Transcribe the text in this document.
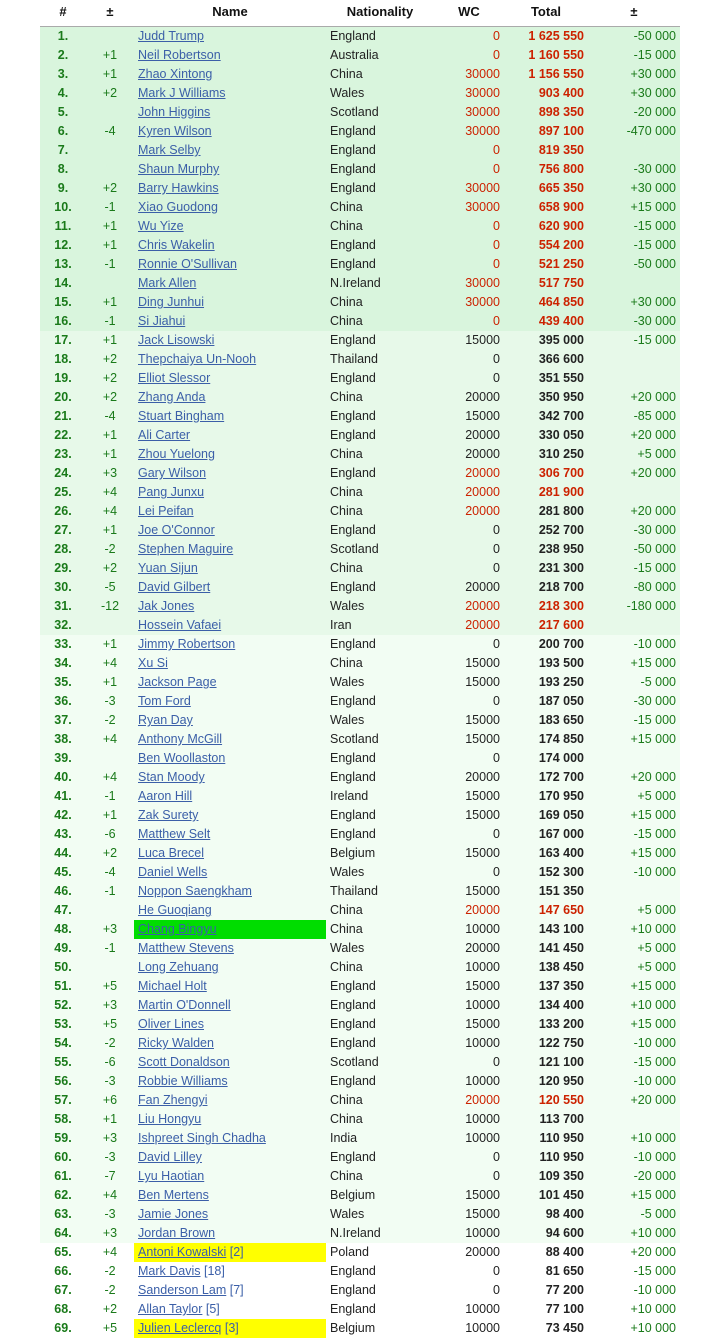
#	±	Name	Nationality	WC	Total	±
1.		Judd Trump	England	0	1 625 550	-50 000
2.	+1	Neil Robertson	Australia	0	1 160 550	-15 000
3.	+1	Zhao Xintong	China	30000	1 156 550	+30 000
4.	+2	Mark J Williams	Wales	30000	903 400	+30 000
5.		John Higgins	Scotland	30000	898 350	-20 000
6.	-4	Kyren Wilson	England	30000	897 100	-470 000
7.		Mark Selby	England	0	819 350	
8.		Shaun Murphy	England	0	756 800	-30 000
9.	+2	Barry Hawkins	England	30000	665 350	+30 000
10.	-1	Xiao Guodong	China	30000	658 900	+15 000
11.	+1	Wu Yize	China	0	620 900	-15 000
12.	+1	Chris Wakelin	England	0	554 200	-15 000
13.	-1	Ronnie O'Sullivan	England	0	521 250	-50 000
14.		Mark Allen	N.Ireland	30000	517 750	
15.	+1	Ding Junhui	China	30000	464 850	+30 000
16.	-1	Si Jiahui	China	0	439 400	-30 000
17.	+1	Jack Lisowski	England	15000	395 000	-15 000
18.	+2	Thepchaiya Un-Nooh	Thailand	0	366 600	
19.	+2	Elliot Slessor	England	0	351 550	
20.	+2	Zhang Anda	China	20000	350 950	+20 000
21.	-4	Stuart Bingham	England	15000	342 700	-85 000
22.	+1	Ali Carter	England	20000	330 050	+20 000
23.	+1	Zhou Yuelong	China	20000	310 250	+5 000
24.	+3	Gary Wilson	England	20000	306 700	+20 000
25.	+4	Pang Junxu	China	20000	281 900	
26.	+4	Lei Peifan	China	20000	281 800	+20 000
27.	+1	Joe O'Connor	England	0	252 700	-30 000
28.	-2	Stephen Maguire	Scotland	0	238 950	-50 000
29.	+2	Yuan Sijun	China	0	231 300	-15 000
30.	-5	David Gilbert	England	20000	218 700	-80 000
31.	-12	Jak Jones	Wales	20000	218 300	-180 000
32.		Hossein Vafaei	Iran	20000	217 600	
33.	+1	Jimmy Robertson	England	0	200 700	-10 000
34.	+4	Xu Si	China	15000	193 500	+15 000
35.	+1	Jackson Page	Wales	15000	193 250	-5 000
36.	-3	Tom Ford	England	0	187 050	-30 000
37.	-2	Ryan Day	Wales	15000	183 650	-15 000
38.	+4	Anthony McGill	Scotland	15000	174 850	+15 000
39.		Ben Woollaston	England	0	174 000	
40.	+4	Stan Moody	England	20000	172 700	+20 000
41.	-1	Aaron Hill	Ireland	15000	170 950	+5 000
42.	+1	Zak Surety	England	15000	169 050	+15 000
43.	-6	Matthew Selt	England	0	167 000	-15 000
44.	+2	Luca Brecel	Belgium	15000	163 400	+15 000
45.	-4	Daniel Wells	Wales	0	152 300	-10 000
46.	-1	Noppon Saengkham	Thailand	15000	151 350	
47.		He Guoqiang	China	20000	147 650	+5 000
48.	+3	Chang Bingyu	China	10000	143 100	+10 000
49.	-1	Matthew Stevens	Wales	20000	141 450	+5 000
50.		Long Zehuang	China	10000	138 450	+5 000
51.	+5	Michael Holt	England	15000	137 350	+15 000
52.	+3	Martin O'Donnell	England	10000	134 400	+10 000
53.	+5	Oliver Lines	England	15000	133 200	+15 000
54.	-2	Ricky Walden	England	10000	122 750	-10 000
55.	-6	Scott Donaldson	Scotland	0	121 100	-15 000
56.	-3	Robbie Williams	England	10000	120 950	-10 000
57.	+6	Fan Zhengyi	China	20000	120 550	+20 000
58.	+1	Liu Hongyu	China	10000	113 700	
59.	+3	Ishpreet Singh Chadha	India	10000	110 950	+10 000
60.	-3	David Lilley	England	0	110 950	-10 000
61.	-7	Lyu Haotian	China	0	109 350	-20 000
62.	+4	Ben Mertens	Belgium	15000	101 450	+15 000
63.	-3	Jamie Jones	Wales	15000	98 400	-5 000
64.	+3	Jordan Brown	N.Ireland	10000	94 600	+10 000
65.	+4	Antoni Kowalski [2]	Poland	20000	88 400	+20 000
66.	-2	Mark Davis [18]	England	0	81 650	-15 000
67.	-2	Sanderson Lam [7]	England	0	77 200	-10 000
68.	+2	Allan Taylor [5]	England	10000	77 100	+10 000
69.	+5	Julien Leclercq [3]	Belgium	10000	73 450	+10 000
